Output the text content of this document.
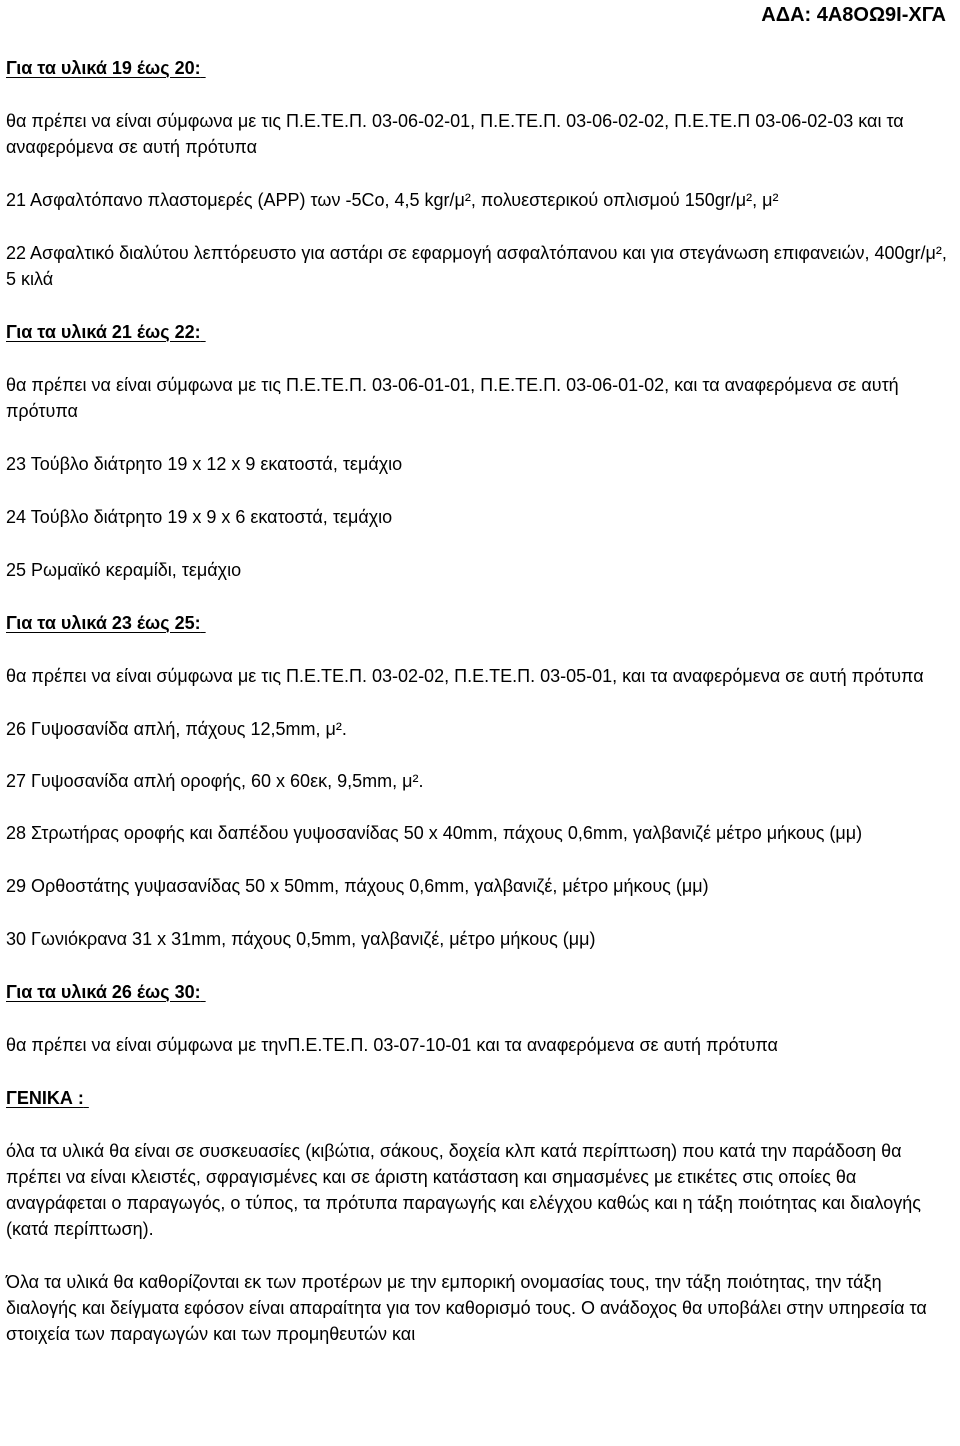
ΑΔΑ: 4Α8ΟΩ9Ι-ΧΓΑ
Για τα υλικά 19 έως 20:
θα πρέπει να είναι σύμφωνα με τις Π.Ε.ΤΕ.Π. 03-06-02-01, Π.Ε.ΤΕ.Π. 03-06-02-02, Π.Ε.ΤΕ.Π 03-06-02-03 και τα αναφερόμενα σε αυτή πρότυπα
21 Ασφαλτόπανο πλαστομερές (ΑΡΡ) των -5Co, 4,5 kgr/μ², πολυεστερικού οπλισμού 150gr/μ², μ²
22 Ασφαλτικό διαλύτου λεπτόρευστο για αστάρι σε εφαρμογή ασφαλτόπανου και για στεγάνωση επιφανειών, 400gr/μ², 5 κιλά
Για τα υλικά 21 έως 22:
θα πρέπει να είναι σύμφωνα με τις Π.Ε.ΤΕ.Π. 03-06-01-01, Π.Ε.ΤΕ.Π. 03-06-01-02, και τα αναφερόμενα σε αυτή πρότυπα
23 Τούβλο διάτρητο 19 x 12 x 9 εκατοστά, τεμάχιο
24 Τούβλο διάτρητο 19 x 9 x 6 εκατοστά, τεμάχιο
25 Ρωμαϊκό κεραμίδι, τεμάχιο
Για τα υλικά 23 έως 25:
θα πρέπει να είναι σύμφωνα με τις Π.Ε.ΤΕ.Π. 03-02-02, Π.Ε.ΤΕ.Π. 03-05-01, και τα αναφερόμενα σε αυτή πρότυπα
26 Γυψοσανίδα απλή, πάχους 12,5mm, μ².
27 Γυψοσανίδα απλή οροφής, 60 x 60εκ, 9,5mm, μ².
28 Στρωτήρας οροφής και δαπέδου γυψοσανίδας 50 x 40mm, πάχους 0,6mm, γαλβανιζέ μέτρο μήκους (μμ)
29 Ορθοστάτης γυψασανίδας 50 x 50mm, πάχους 0,6mm, γαλβανιζέ, μέτρο μήκους (μμ)
30 Γωνιόκρανα 31 x 31mm, πάχους 0,5mm, γαλβανιζέ, μέτρο μήκους (μμ)
Για τα υλικά 26 έως 30:
θα πρέπει να είναι σύμφωνα με τηνΠ.Ε.ΤΕ.Π. 03-07-10-01 και τα αναφερόμενα σε αυτή πρότυπα
ΓΕΝΙΚΑ :
όλα τα υλικά θα είναι σε συσκευασίες (κιβώτια, σάκους, δοχεία κλπ κατά περίπτωση) που κατά την παράδοση θα πρέπει να είναι κλειστές, σφραγισμένες και σε άριστη κατάσταση και σημασμένες με ετικέτες στις οποίες θα αναγράφεται ο παραγωγός, ο τύπος, τα πρότυπα παραγωγής και ελέγχου καθώς και η τάξη ποιότητας και διαλογής (κατά περίπτωση).
Όλα τα υλικά θα καθορίζονται εκ των προτέρων με την εμπορική ονομασίας τους, την τάξη ποιότητας, την τάξη διαλογής και δείγματα εφόσον είναι απαραίτητα για τον καθορισμό τους. Ο ανάδοχος θα υποβάλει στην υπηρεσία τα στοιχεία των παραγωγών και των προμηθευτών και
